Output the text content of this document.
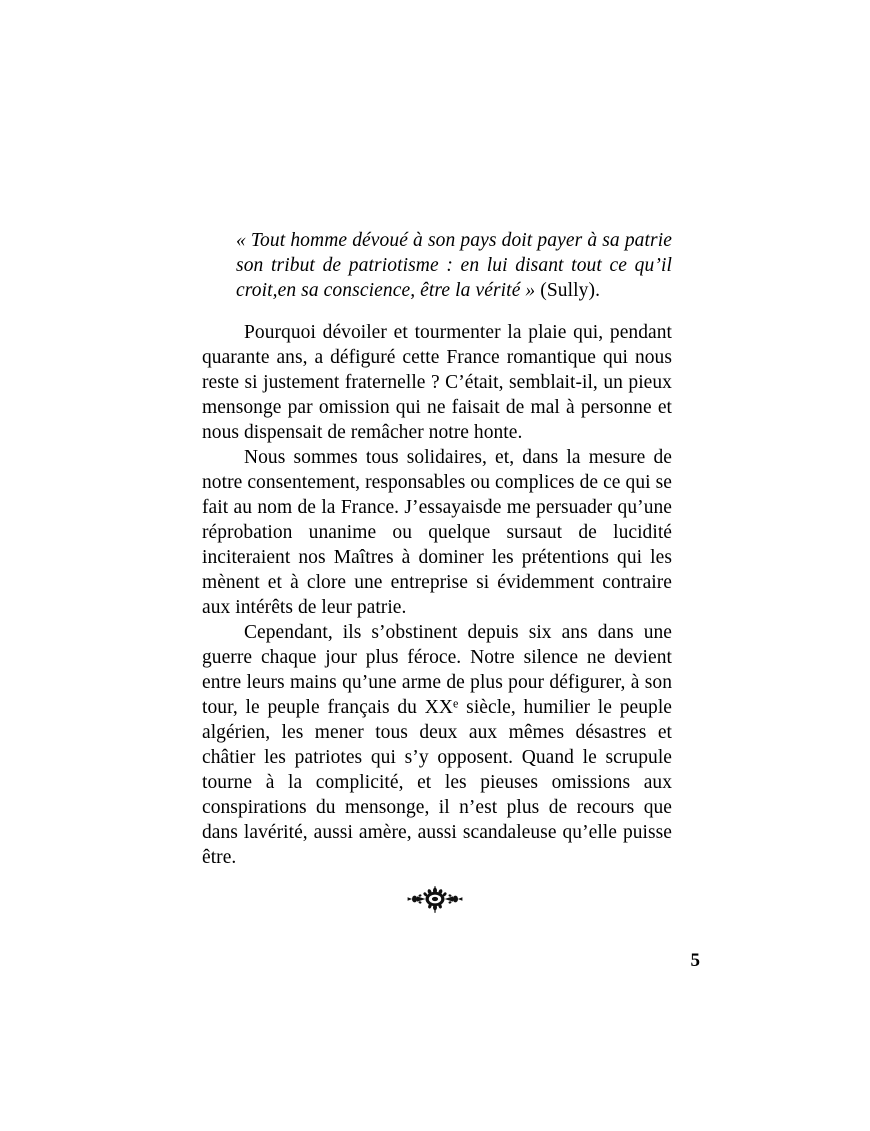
« Tout homme dévoué à son pays doit payer à sa patrie son tribut de patriotisme : en lui disant tout ce qu’il croit,en sa conscience, être la vérité » (Sully).

Pourquoi dévoiler et tourmenter la plaie qui, pendant quarante ans, a défiguré cette France romantique qui nous reste si justement fraternelle ? C’était, semblait-il, un pieux mensonge par omission qui ne faisait de mal à personne et nous dispensait de remâcher notre honte.

Nous sommes tous solidaires, et, dans la mesure de notre consentement, responsables ou complices de ce qui se fait au nom de la France. J’essayaisde me persuader qu’une réprobation unanime ou quelque sursaut de lucidité inciteraient nos Maîtres à dominer les prétentions qui les mènent et à clore une entreprise si évidemment contraire aux intérêts de leur patrie.

Cependant, ils s’obstinent depuis six ans dans une guerre chaque jour plus féroce. Notre silence ne devient entre leurs mains qu’une arme de plus pour défigurer, à son tour, le peuple français du XXe siècle, humilier le peuple algérien, les mener tous deux aux mêmes désastres et châtier les patriotes qui s’y opposent. Quand le scrupule tourne à la complicité, et les pieuses omissions aux conspirations du mensonge, il n’est plus de recours que dans lavérité, aussi amère, aussi scandaleuse qu’elle puisse être.

5
